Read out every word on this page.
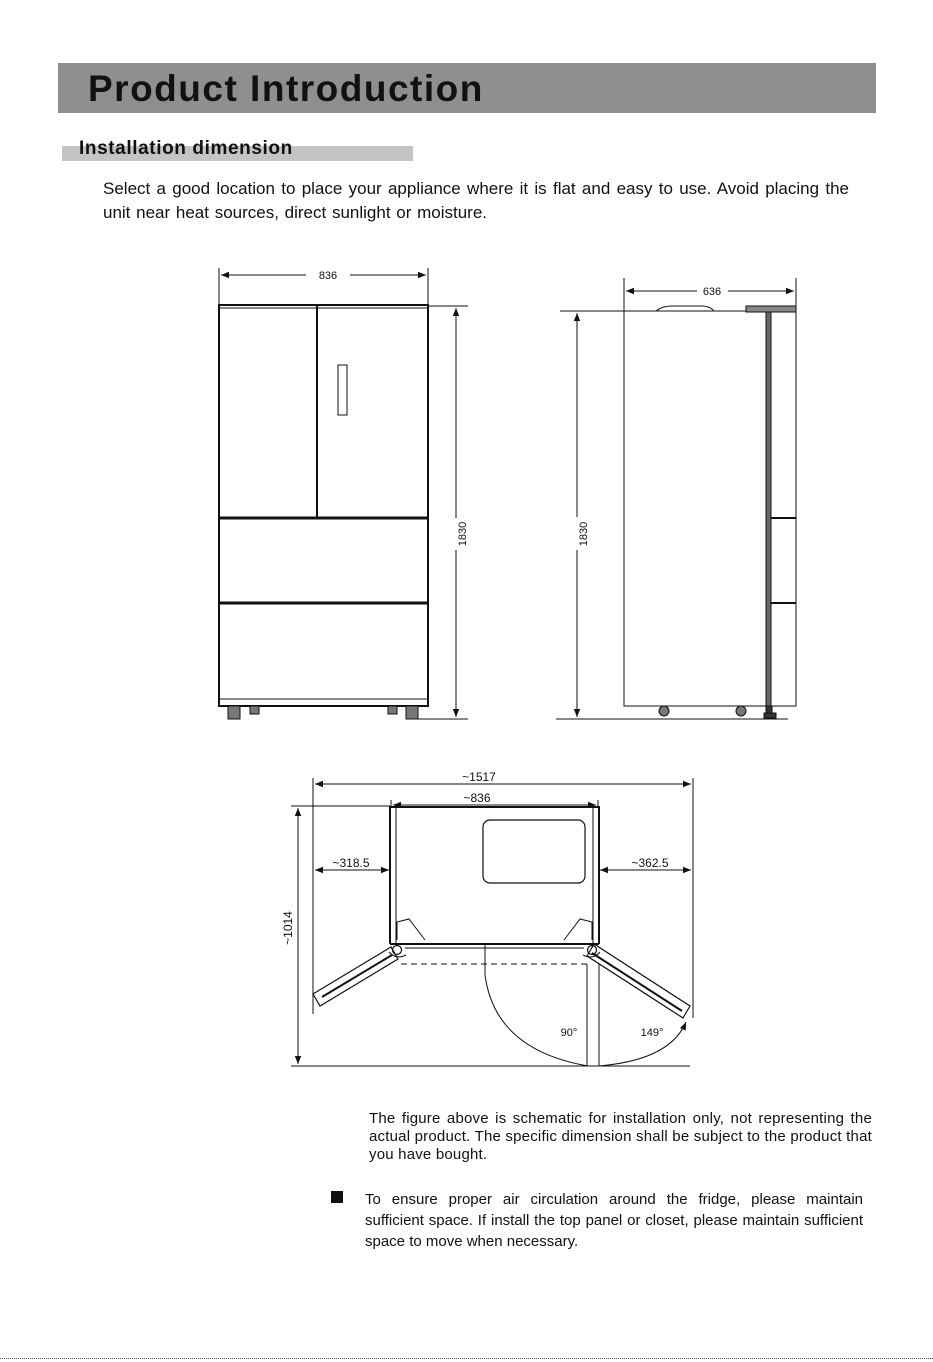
Product Introduction
Installation dimension
Select a good location to place your appliance where it is flat and easy to use. Avoid placing the unit near heat sources, direct sunlight or moisture.
836
1830
636
1830
~1517
~836
~318.5	~362.5
~1014
90°	149°
The figure above is schematic for installation only, not representing the actual product. The specific dimension shall be subject to the product that you have bought.
To ensure proper air circulation around the fridge, please maintain sufficient space. If install the top panel or closet, please maintain sufficient space to move when necessary.
